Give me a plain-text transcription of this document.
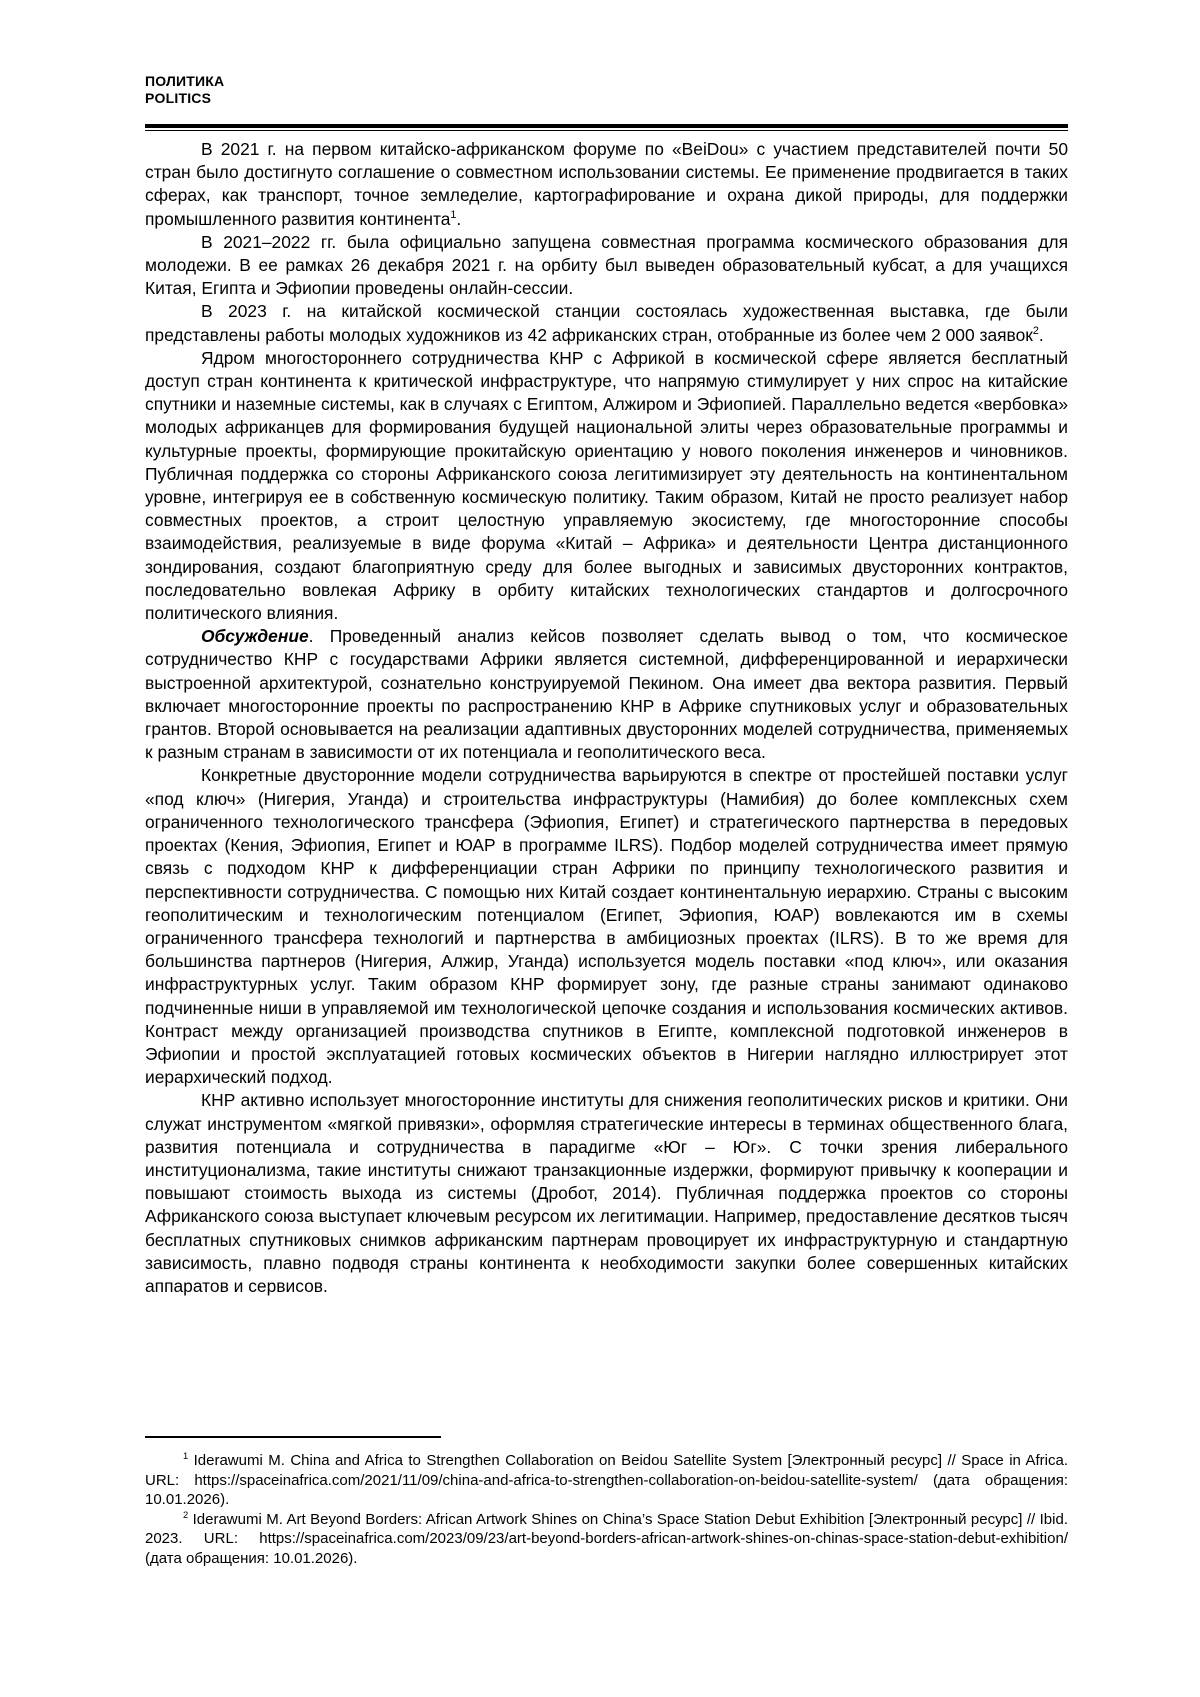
ПОЛИТИКА
POLITICS

В 2021 г. на первом китайско-африканском форуме по «BeiDou» с участием представителей почти 50 стран было достигнуто соглашение о совместном использовании системы. Ее применение продвигается в таких сферах, как транспорт, точное земледелие, картографирование и охрана дикой природы, для поддержки промышленного развития континента$^1$.

В 2021–2022 гг. была официально запущена совместная программа космического образования для молодежи. В ее рамках 26 декабря 2021 г. на орбиту был выведен образовательный кубсат, а для учащихся Китая, Египта и Эфиопии проведены онлайн-сессии.

В 2023 г. на китайской космической станции состоялась художественная выставка, где были представлены работы молодых художников из 42 африканских стран, отобранные из более чем 2 000 заявок$^2$.

Ядром многостороннего сотрудничества КНР с Африкой в космической сфере является бесплатный доступ стран континента к критической инфраструктуре, что напрямую стимулирует у них спрос на китайские спутники и наземные системы, как в случаях с Египтом, Алжиром и Эфиопией. Параллельно ведется «вербовка» молодых африканцев для формирования будущей национальной элиты через образовательные программы и культурные проекты, формирующие прокитайскую ориентацию у нового поколения инженеров и чиновников. Публичная поддержка со стороны Африканского союза легитимизирует эту деятельность на континентальном уровне, интегрируя ее в собственную космическую политику. Таким образом, Китай не просто реализует набор совместных проектов, а строит целостную управляемую экосистему, где многосторонние способы взаимодействия, реализуемые в виде форума «Китай – Африка» и деятельности Центра дистанционного зондирования, создают благоприятную среду для более выгодных и зависимых двусторонних контрактов, последовательно вовлекая Африку в орбиту китайских технологических стандартов и долгосрочного политического влияния.

Обсуждение. Проведенный анализ кейсов позволяет сделать вывод о том, что космическое сотрудничество КНР с государствами Африки является системной, дифференцированной и иерархически выстроенной архитектурой, сознательно конструируемой Пекином. Она имеет два вектора развития. Первый включает многосторонние проекты по распространению КНР в Африке спутниковых услуг и образовательных грантов. Второй основывается на реализации адаптивных двусторонних моделей сотрудничества, применяемых к разным странам в зависимости от их потенциала и геополитического веса.

Конкретные двусторонние модели сотрудничества варьируются в спектре от простейшей поставки услуг «под ключ» (Нигерия, Уганда) и строительства инфраструктуры (Намибия) до более комплексных схем ограниченного технологического трансфера (Эфиопия, Египет) и стратегического партнерства в передовых проектах (Кения, Эфиопия, Египет и ЮАР в программе ILRS). Подбор моделей сотрудничества имеет прямую связь с подходом КНР к дифференциации стран Африки по принципу технологического развития и перспективности сотрудничества. С помощью них Китай создает континентальную иерархию. Страны с высоким геополитическим и технологическим потенциалом (Египет, Эфиопия, ЮАР) вовлекаются им в схемы ограниченного трансфера технологий и партнерства в амбициозных проектах (ILRS). В то же время для большинства партнеров (Нигерия, Алжир, Уганда) используется модель поставки «под ключ», или оказания инфраструктурных услуг. Таким образом КНР формирует зону, где разные страны занимают одинаково подчиненные ниши в управляемой им технологической цепочке создания и использования космических активов. Контраст между организацией производства спутников в Египте, комплексной подготовкой инженеров в Эфиопии и простой эксплуатацией готовых космических объектов в Нигерии наглядно иллюстрирует этот иерархический подход.

КНР активно использует многосторонние институты для снижения геополитических рисков и критики. Они служат инструментом «мягкой привязки», оформляя стратегические интересы в терминах общественного блага, развития потенциала и сотрудничества в парадигме «Юг – Юг». С точки зрения либерального институционализма, такие институты снижают транзакционные издержки, формируют привычку к кооперации и повышают стоимость выхода из системы (Дробот, 2014). Публичная поддержка проектов со стороны Африканского союза выступает ключевым ресурсом их легитимации. Например, предоставление десятков тысяч бесплатных спутниковых снимков африканским партнерам провоцирует их инфраструктурную и стандартную зависимость, плавно подводя страны континента к необходимости закупки более совершенных китайских аппаратов и сервисов.

$^1$ Iderawumi M. China and Africa to Strengthen Collaboration on Beidou Satellite System [Электронный ресурс] // Space in Africa. URL: https://spaceinafrica.com/2021/11/09/china-and-africa-to-strengthen-collaboration-on-beidou-satellite-system/ (дата обращения: 10.01.2026).

$^2$ Iderawumi M. Art Beyond Borders: African Artwork Shines on China’s Space Station Debut Exhibition [Электронный ресурс] // Ibid. 2023. URL: https://spaceinafrica.com/2023/09/23/art-beyond-borders-african-artwork-shines-on-chinas-space-station-debut-exhibition/ (дата обращения: 10.01.2026).
